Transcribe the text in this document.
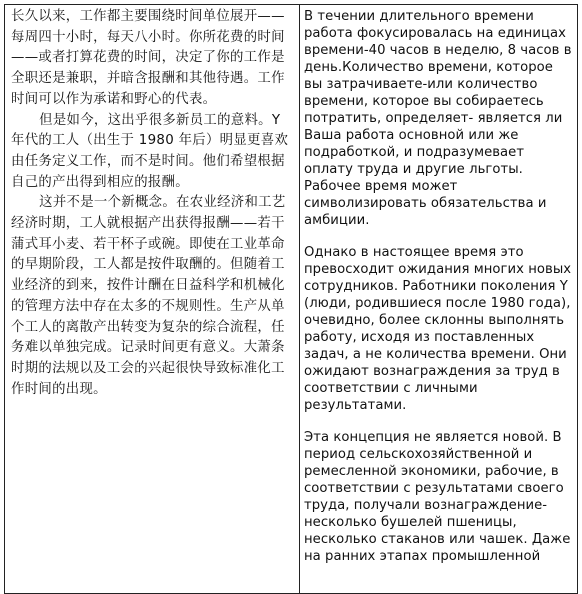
长久以来，工作都主要围绕时间单位展开——每周四十小时，每天八小时。你所花费的时间——或者打算花费的时间，决定了你的工作是全职还是兼职，并暗含报酬和其他待遇。工作时间可以作为承诺和野心的代表。

但是如今，这出乎很多新员工的意料。Y 年代的工人（出生于 1980 年后）明显更喜欢由任务定义工作，而不是时间。他们希望根据自己的产出得到相应的报酬。

这并不是一个新概念。在农业经济和工艺经济时期，工人就根据产出获得报酬——若干蒲式耳小麦、若干杯子或碗。即使在工业革命的早期阶段，工人都是按件取酬的。但随着工业经济的到来，按件计酬在日益科学和机械化的管理方法中存在太多的不规则性。生产从单个工人的离散产出转变为复杂的综合流程，任务难以单独完成。记录时间更有意义。大萧条时期的法规以及工会的兴起很快导致标准化工作时间的出现。

В течении длительного времени работа фокусировалась на единицах времени-40 часов в неделю, 8 часов в день.Количество времени, которое вы затрачиваете-или количество времени, которое вы собираетесь потратить, определяет- является ли Ваша работа основной или же подработкой, и подразумевает оплату труда и другие льготы. Рабочее время может символизировать обязательства и амбиции.

Однако в настоящее время это превосходит ожидания многих новых сотрудников. Работники поколения Y (люди, родившиеся после 1980 года), очевидно, более склонны выполнять работу, исходя из поставленных задач, а не количества времени. Они ожидают вознаграждения за труд в соответствии с личными результатами.

Эта концепция не является новой. В период сельскохозяйственной и ремесленной экономики, рабочие, в соответствии с результатами своего труда, получали вознаграждение- несколько бушелей пшеницы, несколько стаканов или чашек. Даже на ранних этапах промышленной
